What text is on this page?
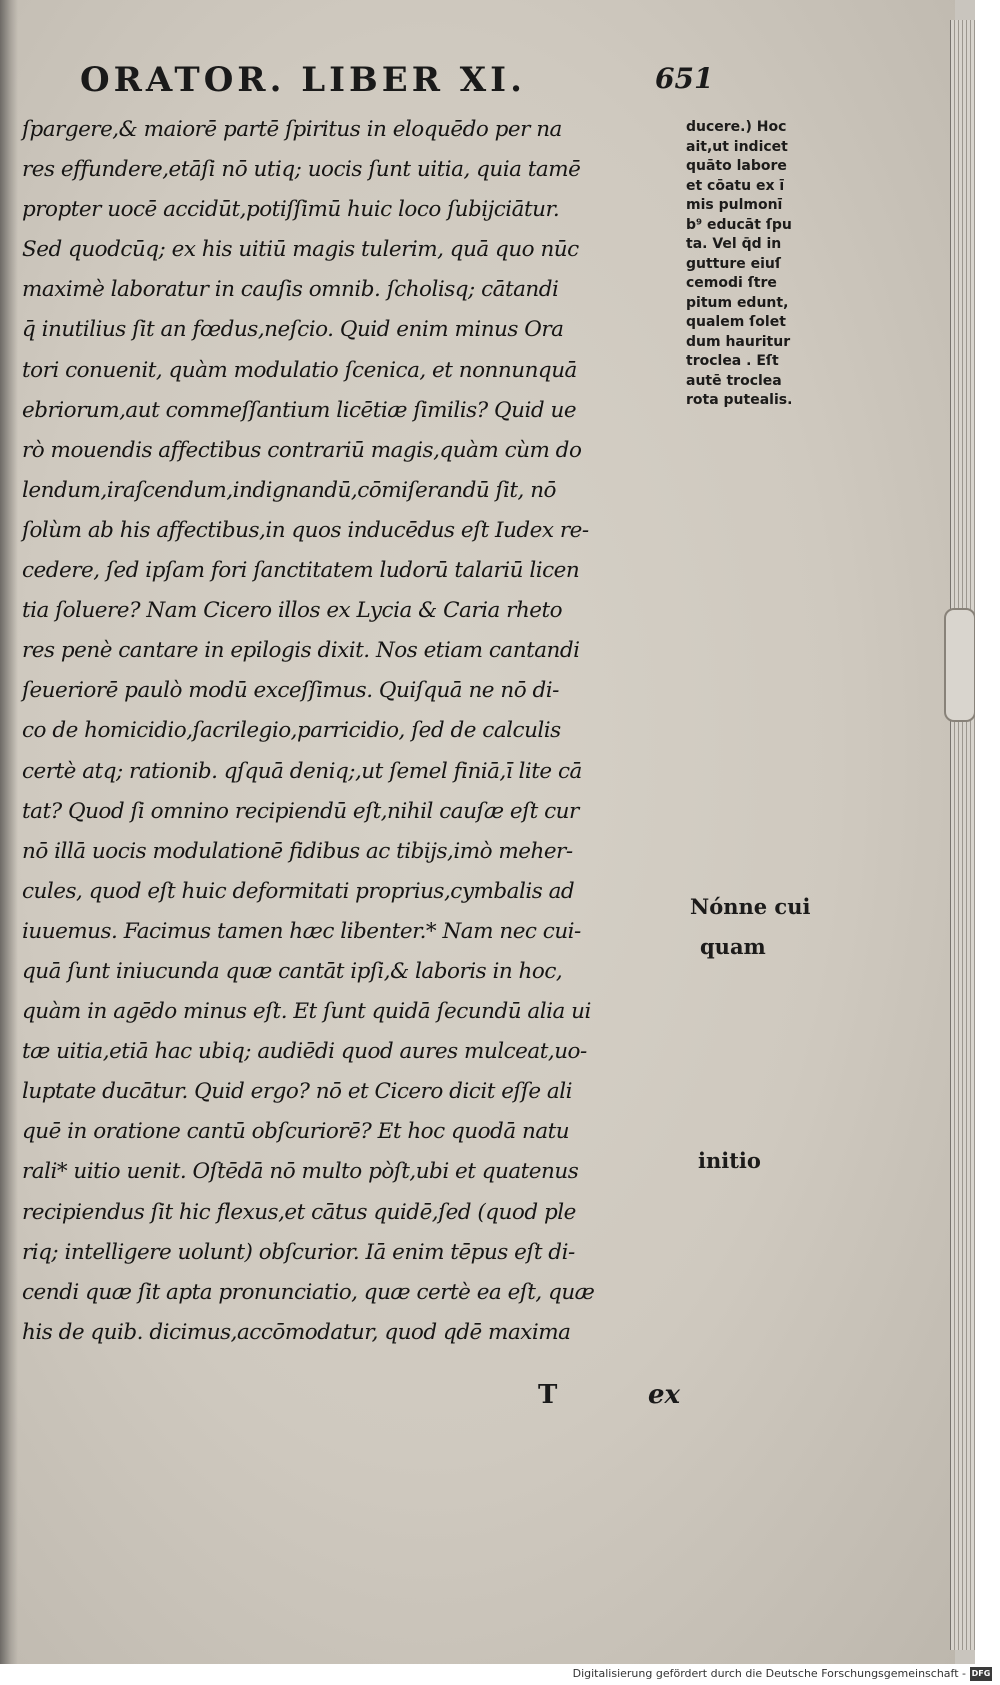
ORATOR. LIBER XI.	651
ſpargere,& maiorē partē ſpiritus in eloquēdo per na
res effundere,etāſi nō utiq; uocis ſunt uitia, quia tamē
propter uocē accidūt,potiſſimū huic loco ſubijciātur.
Sed quodcūq; ex his uitiū magis tulerim, quā quo nūc
maximè laboratur in cauſis omnib. ſcholisq; cātandi
q̄ inutilius ſit an fœdus,neſcio. Quid enim minus Ora
tori conuenit, quàm modulatio ſcenica, et nonnunquā
ebriorum,aut commeſſantium licētiæ ſimilis? Quid ue
rò mouendis affectibus contrariū magis,quàm cùm do
lendum,iraſcendum,indignandū,cōmiſerandū ſit, nō
ſolùm ab his affectibus,in quos inducēdus eſt Iudex re-
cedere, ſed ipſam fori ſanctitatem ludorū talariū licen
tia ſoluere? Nam Cicero illos ex Lycia & Caria rheto
res penè cantare in epilogis dixit. Nos etiam cantandi
ſeueriorē paulò modū exceſſimus. Quiſquā ne nō di-
co de homicidio,ſacrilegio,parricidio, ſed de calculis
certè atq; rationib. qſquā deniq;,ut ſemel finiā,ī lite cā
tat? Quod ſi omnino recipiendū eſt,nihil cauſæ eſt cur
nō illā uocis modulationē fidibus ac tibijs,imò meher-
cules, quod eſt huic deformitati proprius,cymbalis ad
iuuemus. Facimus tamen hæc libenter.* Nam nec cui-
quā ſunt iniucunda quæ cantāt ipſi,& laboris in hoc,
quàm in agēdo minus eſt. Et ſunt quidā ſecundū alia ui
tæ uitia,etiā hac ubiq; audiēdi quod aures mulceat,uo-
luptate ducātur. Quid ergo? nō et Cicero dicit eſſe ali
quē in oratione cantū obſcuriorē? Et hoc quodā natu
rali* uitio uenit. Oſtēdā nō multo pòſt,ubi et quatenus
recipiendus ſit hic flexus,et cātus quidē,ſed (quod ple
riq; intelligere uolunt) obſcurior. Iā enim tēpus eſt di-
cendi quæ ſit apta pronunciatio, quæ certè ea eſt, quæ
his de quib. dicimus,accōmodatur, quod qdē maxima
ducere.) Hoc
ait,ut indicet
quāto labore
et cōatu ex ī
mis pulmonī
b⁹ educāt ſpu
ta. Vel q̄d in
gutture eiuſ
cemodi ſtre
pitum edunt,
qualem ſolet
dum hauritur
troclea . Eſt
autē troclea
rota putealis.
Nónne cui
quam
initio
T	ex
Digitalisierung gefördert durch die Deutsche Forschungsgemeinschaft - DFG
